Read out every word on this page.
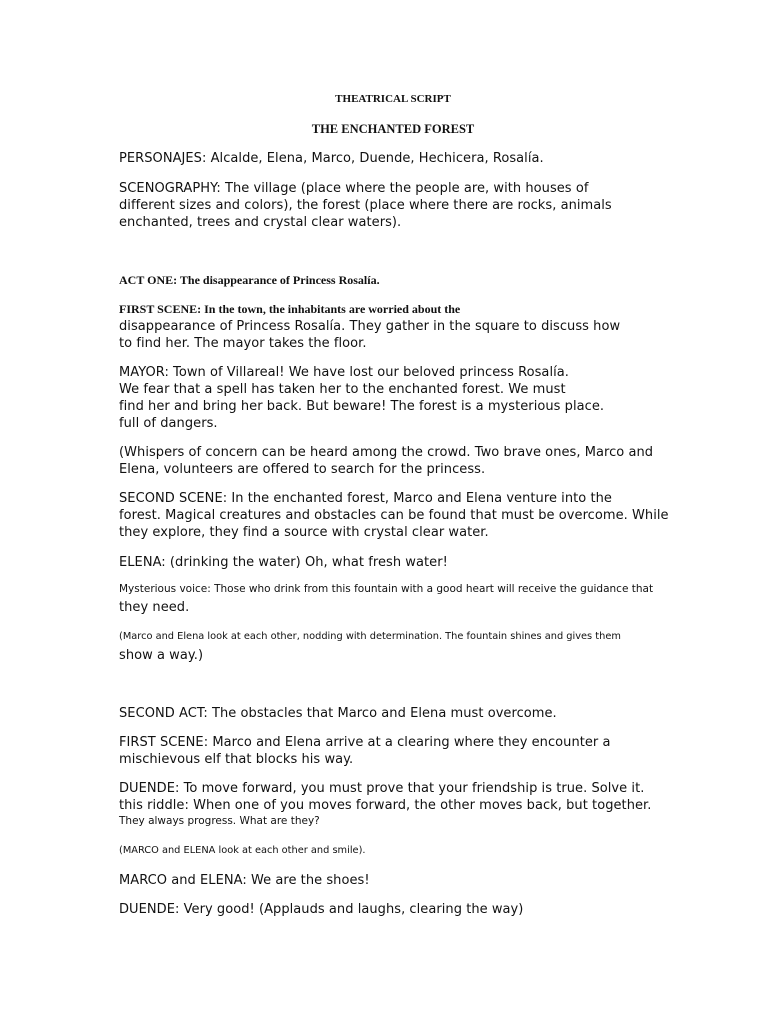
THEATRICAL SCRIPT
THE ENCHANTED FOREST
PERSONAJES: Alcalde, Elena, Marco, Duende, Hechicera, Rosalía.
SCENOGRAPHY: The village (place where the people are, with houses of
different sizes and colors), the forest (place where there are rocks, animals
enchanted, trees and crystal clear waters).
ACT ONE: The disappearance of Princess Rosalía.
FIRST SCENE: In the town, the inhabitants are worried about the
disappearance of Princess Rosalía. They gather in the square to discuss how
to find her. The mayor takes the floor.
MAYOR: Town of Villareal! We have lost our beloved princess Rosalía.
We fear that a spell has taken her to the enchanted forest. We must
find her and bring her back. But beware! The forest is a mysterious place.
full of dangers.
(Whispers of concern can be heard among the crowd. Two brave ones, Marco and
Elena, volunteers are offered to search for the princess.
SECOND SCENE: In the enchanted forest, Marco and Elena venture into the
forest. Magical creatures and obstacles can be found that must be overcome. While
they explore, they find a source with crystal clear water.
ELENA: (drinking the water) Oh, what fresh water!
Mysterious voice: Those who drink from this fountain with a good heart will receive the guidance that
they need.
(Marco and Elena look at each other, nodding with determination. The fountain shines and gives them
show a way.)
SECOND ACT: The obstacles that Marco and Elena must overcome.
FIRST SCENE: Marco and Elena arrive at a clearing where they encounter a
mischievous elf that blocks his way.
DUENDE: To move forward, you must prove that your friendship is true. Solve it.
this riddle: When one of you moves forward, the other moves back, but together.
They always progress. What are they?
(MARCO and ELENA look at each other and smile).
MARCO and ELENA: We are the shoes!
DUENDE: Very good! (Applauds and laughs, clearing the way)
